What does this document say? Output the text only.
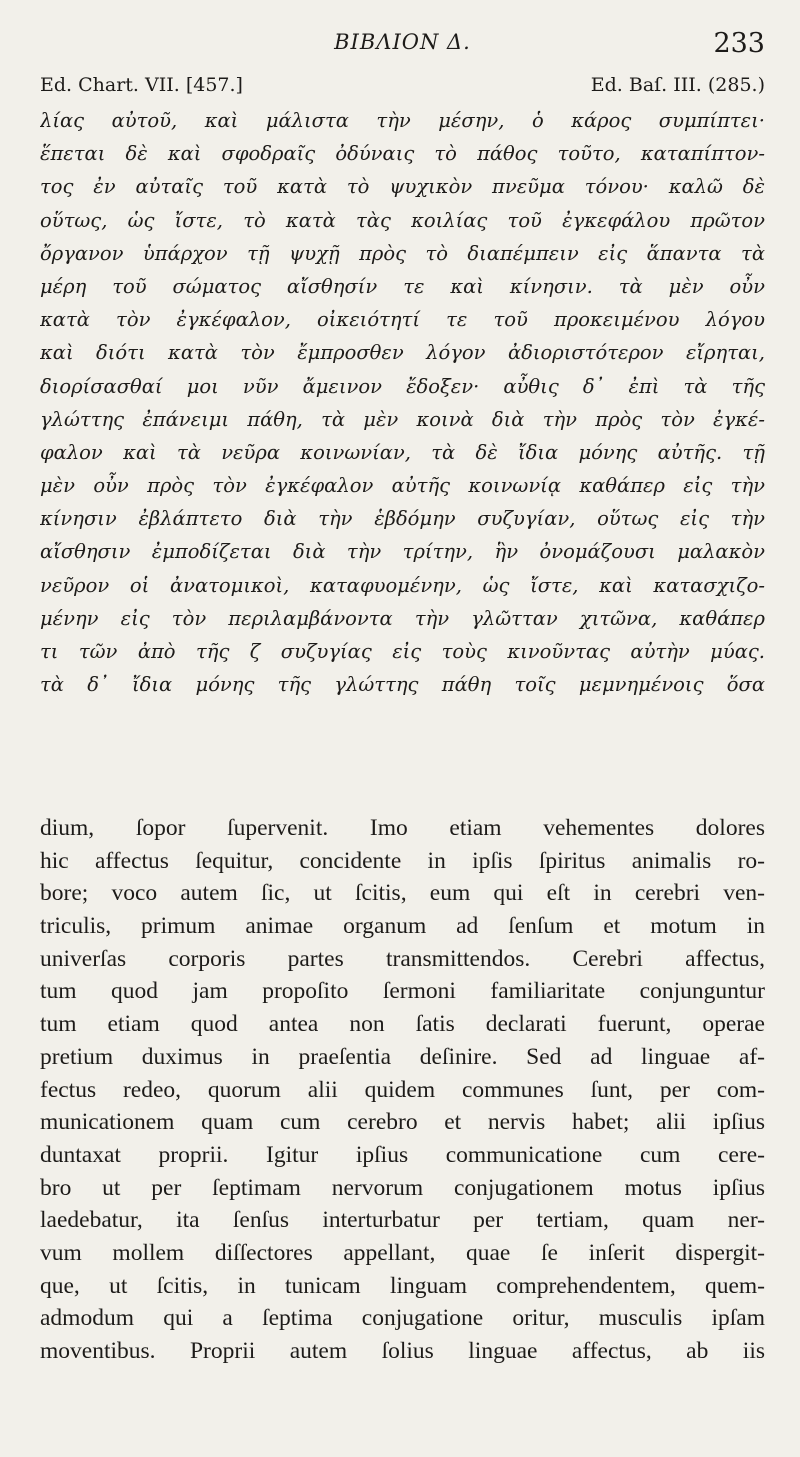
ΒΙΒΛΙΟΝ Δ.	233
Ed. Chart. VII. [457.]	Ed. Baſ. III. (285.)
λίας αὐτοῦ, καὶ μάλιστα τὴν μέσην, ὁ κάρος συμπίπτει·
ἕπεται δὲ καὶ σφοδραῖς ὀδύναις τὸ πάθος τοῦτο, καταπίπτον-
τος ἐν αὐταῖς τοῦ κατὰ τὸ ψυχικὸν πνεῦμα τόνου· καλῶ δὲ
οὕτως, ὡς ἴστε, τὸ κατὰ τὰς κοιλίας τοῦ ἐγκεφάλου πρῶτον
ὄργανον ὑπάρχον τῇ ψυχῇ πρὸς τὸ διαπέμπειν εἰς ἅπαντα τὰ
μέρη τοῦ σώματος αἴσθησίν τε καὶ κίνησιν. τὰ μὲν οὖν
κατὰ τὸν ἐγκέφαλον, οἰκειότητί τε τοῦ προκειμένου λόγου
καὶ διότι κατὰ τὸν ἔμπροσθεν λόγον ἀδιοριστότερον εἴρηται,
διορίσασθαί μοι νῦν ἄμεινον ἔδοξεν· αὖθις δ᾽ ἐπὶ τὰ τῆς
γλώττης ἐπάνειμι πάθη, τὰ μὲν κοινὰ διὰ τὴν πρὸς τὸν ἐγκέ-
φαλον καὶ τὰ νεῦρα κοινωνίαν, τὰ δὲ ἴδια μόνης αὐτῆς. τῇ
μὲν οὖν πρὸς τὸν ἐγκέφαλον αὐτῆς κοινωνίᾳ καθάπερ εἰς τὴν
κίνησιν ἐβλάπτετο διὰ τὴν ἑβδόμην συζυγίαν, οὕτως εἰς τὴν
αἴσθησιν ἐμποδίζεται διὰ τὴν τρίτην, ἣν ὀνομάζουσι μαλακὸν
νεῦρον οἱ ἀνατομικοὶ, καταφυομένην, ὡς ἴστε, καὶ κατασχιζο-
μένην εἰς τὸν περιλαμβάνοντα τὴν γλῶτταν χιτῶνα, καθάπερ
τι τῶν ἀπὸ τῆς ζ συζυγίας εἰς τοὺς κινοῦντας αὐτὴν μύας.
τὰ δ᾽ ἴδια μόνης τῆς γλώττης πάθη τοῖς μεμνημένοις ὅσα
dium, ſopor ſupervenit. Imo etiam vehementes dolores
hic affectus ſequitur, concidente in ipſis ſpiritus animalis ro-
bore; voco autem ſic, ut ſcitis, eum qui eſt in cerebri ven-
triculis, primum animae organum ad ſenſum et motum in
univerſas corporis partes transmittendos. Cerebri affectus,
tum quod jam propoſito ſermoni familiaritate conjunguntur
tum etiam quod antea non ſatis declarati fuerunt, operae
pretium duximus in praeſentia deſinire. Sed ad linguae af-
fectus redeo, quorum alii quidem communes ſunt, per com-
municationem quam cum cerebro et nervis habet; alii ipſius
duntaxat proprii. Igitur ipſius communicatione cum cere-
bro ut per ſeptimam nervorum conjugationem motus ipſius
laedebatur, ita ſenſus interturbatur per tertiam, quam ner-
vum mollem diſſectores appellant, quae ſe inſerit dispergit-
que, ut ſcitis, in tunicam linguam comprehendentem, quem-
admodum qui a ſeptima conjugatione oritur, musculis ipſam
moventibus. Proprii autem ſolius linguae affectus, ab iis
